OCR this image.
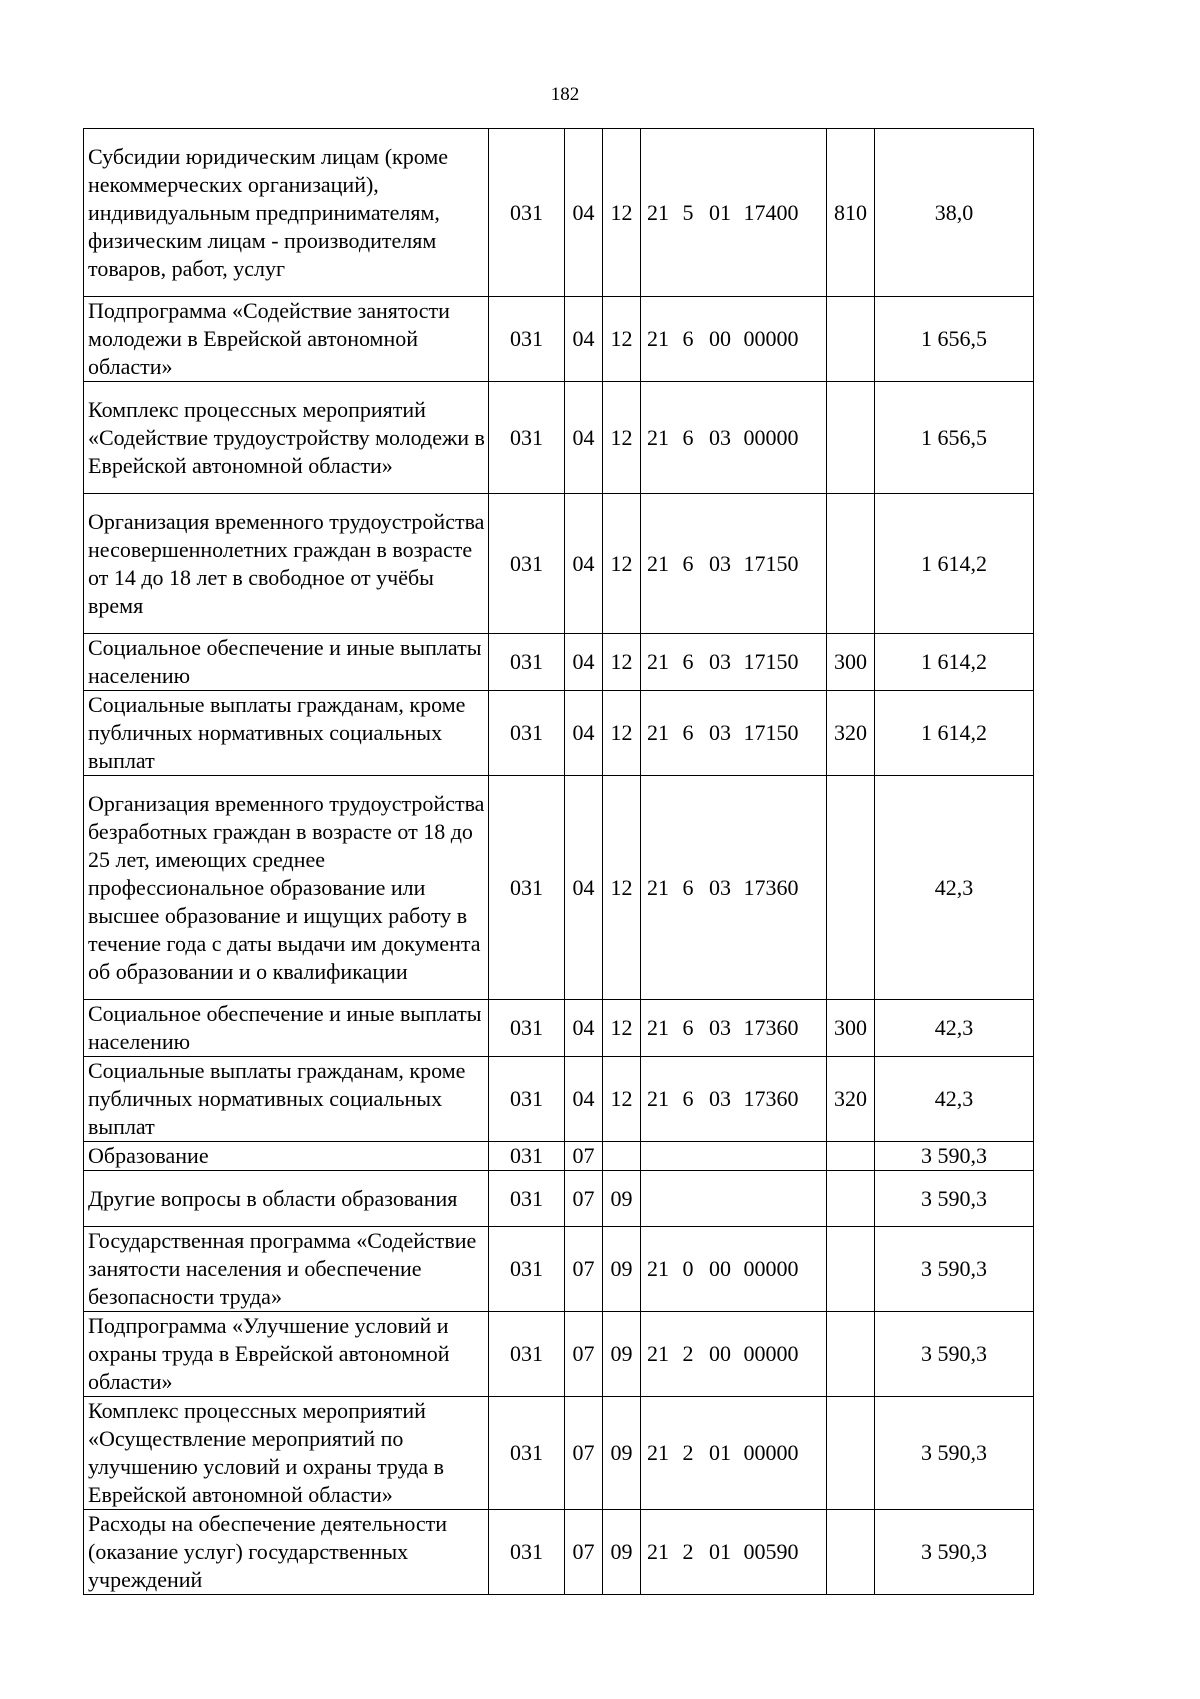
182
Субсидии юридическим лицам (кроме некоммерческих организаций), индивидуальным предпринимателям, физическим лицам - производителям товаров, работ, услуг	031	04	12	21 5 01 17400	810	38,0
Подпрограмма «Содействие занятости молодежи в Еврейской автономной области»	031	04	12	21 6 00 00000		1 656,5
Комплекс процессных мероприятий «Содействие трудоустройству молодежи в Еврейской автономной области»	031	04	12	21 6 03 00000		1 656,5
Организация временного трудоустройства несовершеннолетних граждан в возрасте от 14 до 18 лет в свободное от учёбы время	031	04	12	21 6 03 17150		1 614,2
Социальное обеспечение и иные выплаты населению	031	04	12	21 6 03 17150	300	1 614,2
Социальные выплаты гражданам, кроме публичных нормативных социальных выплат	031	04	12	21 6 03 17150	320	1 614,2
Организация временного трудоустройства безработных граждан в возрасте от 18 до 25 лет, имеющих среднее профессиональное образование или высшее образование и ищущих работу в течение года с даты выдачи им документа об образовании и о квалификации	031	04	12	21 6 03 17360		42,3
Социальное обеспечение и иные выплаты населению	031	04	12	21 6 03 17360	300	42,3
Социальные выплаты гражданам, кроме публичных нормативных социальных выплат	031	04	12	21 6 03 17360	320	42,3
Образование	031	07				3 590,3
Другие вопросы в области образования	031	07	09			3 590,3
Государственная программа «Содействие занятости населения и обеспечение безопасности труда»	031	07	09	21 0 00 00000		3 590,3
Подпрограмма «Улучшение условий и охраны труда в Еврейской автономной области»	031	07	09	21 2 00 00000		3 590,3
Комплекс процессных мероприятий «Осуществление мероприятий по улучшению условий и охраны труда в Еврейской автономной области»	031	07	09	21 2 01 00000		3 590,3
Расходы на обеспечение деятельности (оказание услуг) государственных учреждений	031	07	09	21 2 01 00590		3 590,3
